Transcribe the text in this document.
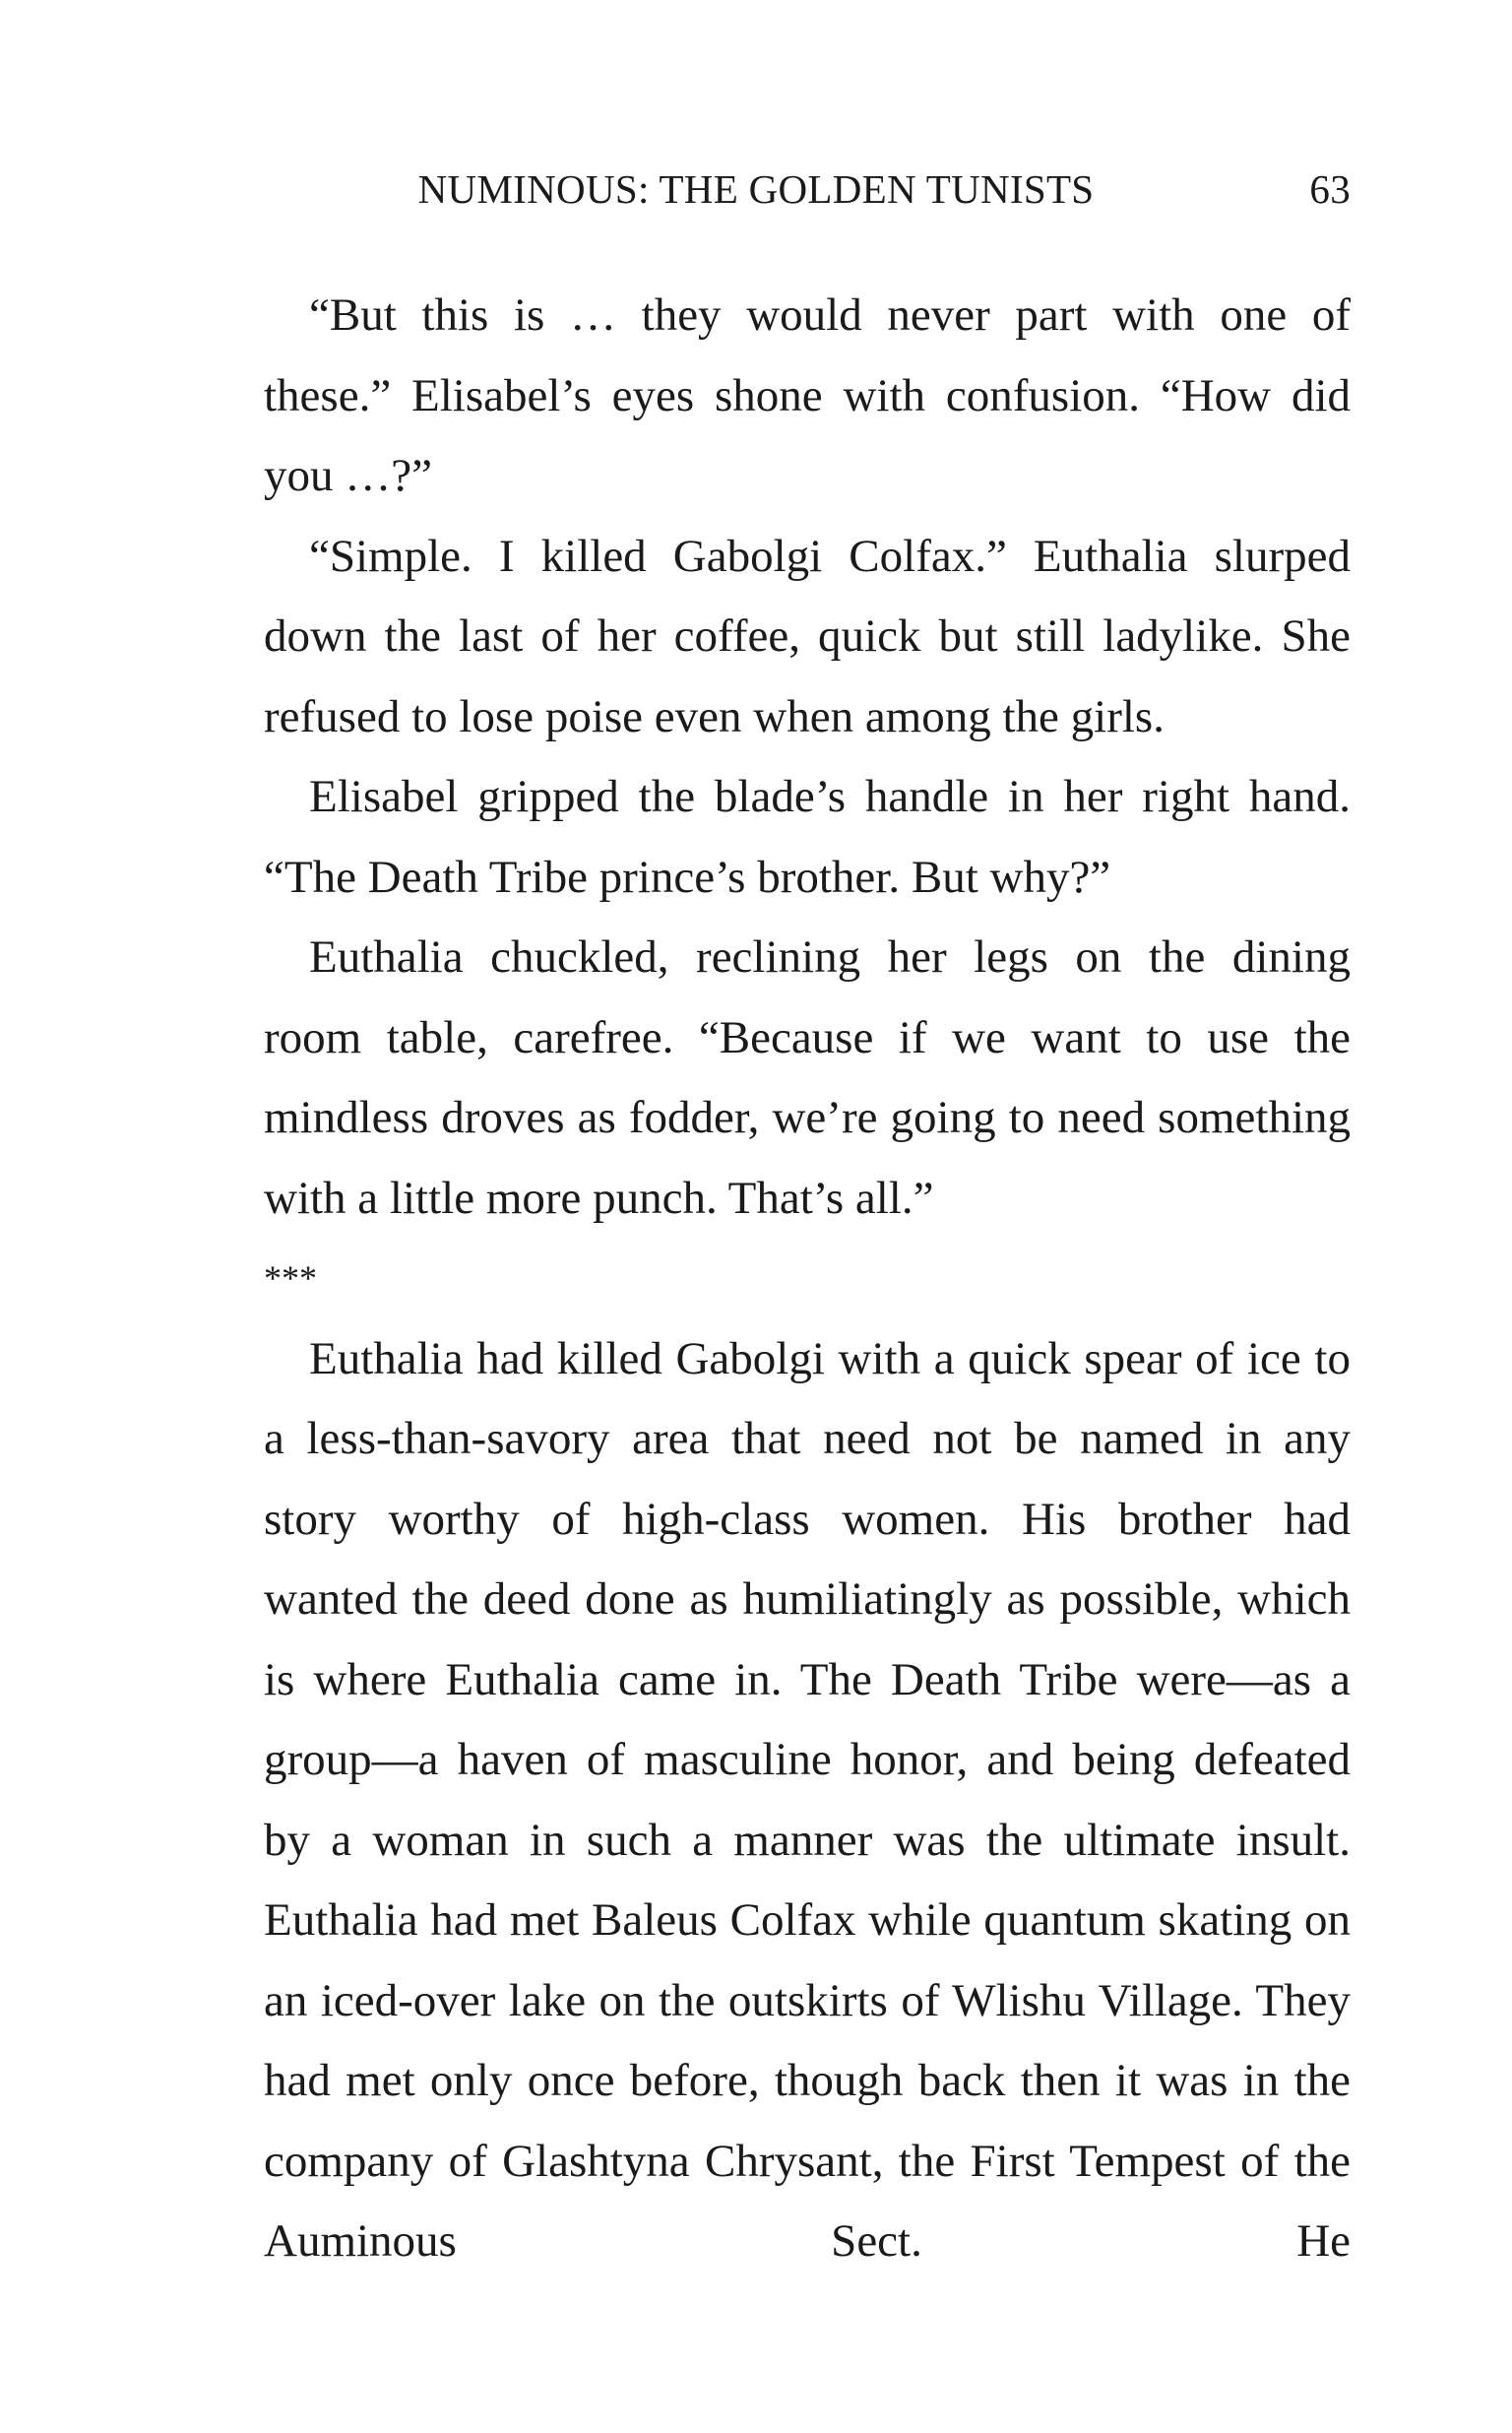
NUMINOUS: THE GOLDEN TUNISTS	63

“But this is … they would never part with one of these.” Elisabel’s eyes shone with confusion. “How did you …?”

“Simple. I killed Gabolgi Colfax.” Euthalia slurped down the last of her coffee, quick but still ladylike. She refused to lose poise even when among the girls.

Elisabel gripped the blade’s handle in her right hand. “The Death Tribe prince’s brother. But why?”

Euthalia chuckled, reclining her legs on the dining room table, carefree. “Because if we want to use the mindless droves as fodder, we’re going to need something with a little more punch. That’s all.”

***

Euthalia had killed Gabolgi with a quick spear of ice to a less-than-savory area that need not be named in any story worthy of high-class women. His brother had wanted the deed done as humiliatingly as possible, which is where Euthalia came in. The Death Tribe were—as a group—a haven of masculine honor, and being defeated by a woman in such a manner was the ultimate insult. Euthalia had met Baleus Colfax while quantum skating on an iced-over lake on the outskirts of Wlishu Village. They had met only once before, though back then it was in the company of Glashtyna Chrysant, the First Tempest of the Auminous Sect. He
